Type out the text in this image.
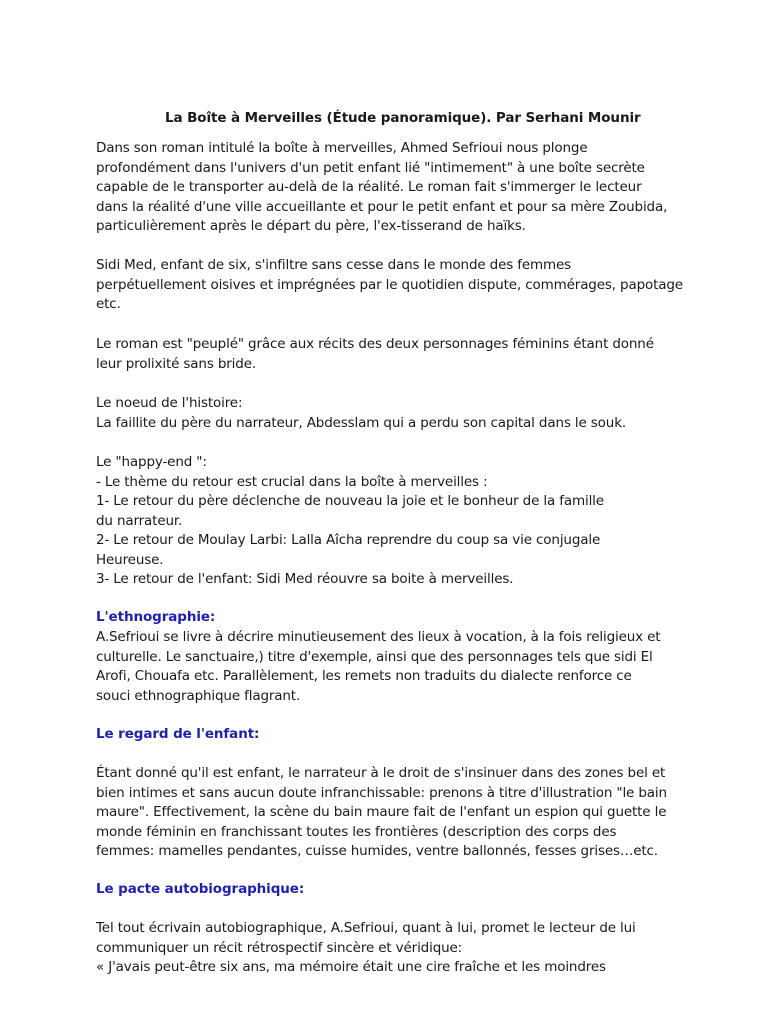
La Boîte à Merveilles (Étude panoramique). Par Serhani Mounir
Dans son roman intitulé la boîte à merveilles, Ahmed Sefrioui nous plonge
profondément dans l'univers d'un petit enfant lié "intimement" à une boîte secrète
capable de le transporter au-delà de la réalité. Le roman fait s'immerger le lecteur
dans la réalité d'une ville accueillante et pour le petit enfant et pour sa mère Zoubida,
particulièrement après le départ du père, l'ex-tisserand de haïks.
Sidi Med, enfant de six, s'infiltre sans cesse dans le monde des femmes
perpétuellement oisives et imprégnées par le quotidien dispute, commérages, papotage
etc.
Le roman est "peuplé" grâce aux récits des deux personnages féminins étant donné
leur prolixité sans bride.
Le noeud de l'histoire:
La faillite du père du narrateur, Abdesslam qui a perdu son capital dans le souk.
Le "happy-end ":
- Le thème du retour est crucial dans la boîte à merveilles :
1- Le retour du père déclenche de nouveau la joie et le bonheur de la famille
du narrateur.
2- Le retour de Moulay Larbi: Lalla Aîcha reprendre du coup sa vie conjugale
Heureuse.
3- Le retour de l'enfant: Sidi Med réouvre sa boite à merveilles.
L'ethnographie:
A.Sefrioui se livre à décrire minutieusement des lieux à vocation, à la fois religieux et
culturelle. Le sanctuaire,) titre d'exemple, ainsi que des personnages tels que sidi El
Arofi, Chouafa etc. Parallèlement, les remets non traduits du dialecte renforce ce
souci ethnographique flagrant.
Le regard de l'enfant:
Étant donné qu'il est enfant, le narrateur à le droit de s'insinuer dans des zones bel et
bien intimes et sans aucun doute infranchissable: prenons à titre d'illustration "le bain
maure". Effectivement, la scène du bain maure fait de l'enfant un espion qui guette le
monde féminin en franchissant toutes les frontières (description des corps des
femmes: mamelles pendantes, cuisse humides, ventre ballonnés, fesses grises…etc.
Le pacte autobiographique:
Tel tout écrivain autobiographique, A.Sefrioui, quant à lui, promet le lecteur de lui
communiquer un récit rétrospectif sincère et véridique:
« J'avais peut-être six ans, ma mémoire était une cire fraîche et les moindres
